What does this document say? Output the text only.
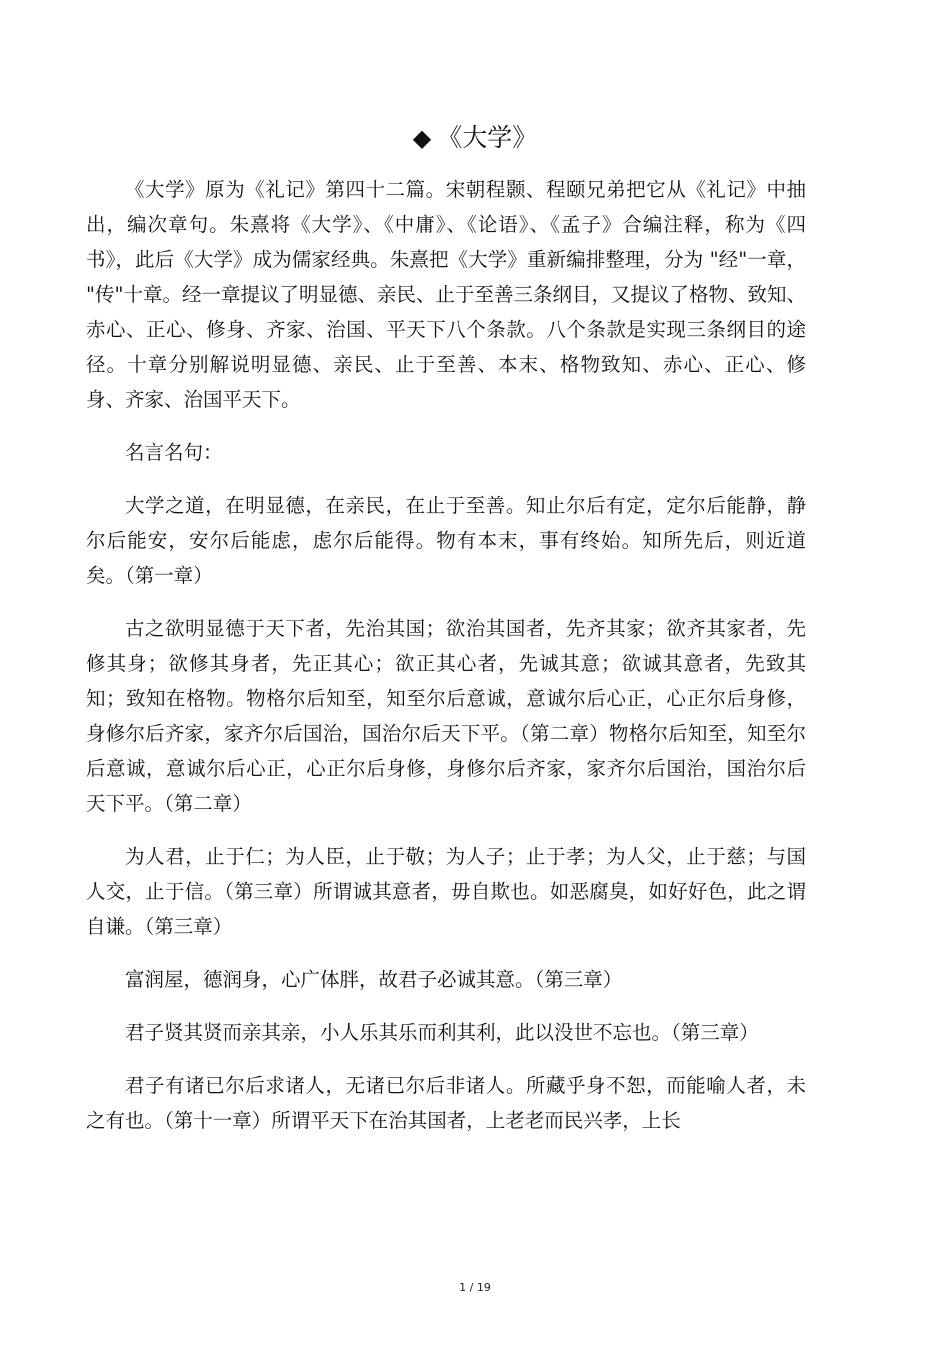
◆ 《大学》

《大学》原为《礼记》第四十二篇。宋朝程颢、程颐兄弟把它从《礼记》中抽出，编次章句。朱熹将《大学》、《中庸》、《论语》、《孟子》合编注释，称为《四书》，此后《大学》成为儒家经典。朱熹把《大学》重新编排整理，分为 "经"一章， "传"十章。经一章提议了明显德、亲民、止于至善三条纲目，又提议了格物、致知、赤心、正心、修身、齐家、治国、平天下八个条款。八个条款是实现三条纲目的途径。十章分别解说明显德、亲民、止于至善、本末、格物致知、赤心、正心、修身、齐家、治国平天下。

名言名句：

大学之道，在明显德，在亲民，在止于至善。知止尔后有定，定尔后能静，静尔后能安，安尔后能虑，虑尔后能得。物有本末，事有终始。知所先后，则近道矣。（第一章）

古之欲明显德于天下者，先治其国；欲治其国者，先齐其家；欲齐其家者，先修其身；欲修其身者，先正其心；欲正其心者，先诚其意；欲诚其意者，先致其知；致知在格物。物格尔后知至，知至尔后意诚，意诚尔后心正，心正尔后身修，身修尔后齐家，家齐尔后国治，国治尔后天下平。（第二章）物格尔后知至，知至尔后意诚，意诚尔后心正，心正尔后身修，身修尔后齐家，家齐尔后国治，国治尔后天下平。（第二章）

为人君，止于仁；为人臣，止于敬；为人子；止于孝；为人父，止于慈；与国人交，止于信。（第三章）所谓诚其意者，毋自欺也。如恶腐臭，如好好色，此之谓自谦。（第三章）

富润屋，德润身，心广体胖，故君子必诚其意。（第三章）

君子贤其贤而亲其亲，小人乐其乐而利其利，此以没世不忘也。（第三章）

君子有诸已尔后求诸人，无诸已尔后非诸人。所藏乎身不恕，而能喻人者，未之有也。（第十一章）所谓平天下在治其国者，上老老而民兴孝，上长

1 / 19
